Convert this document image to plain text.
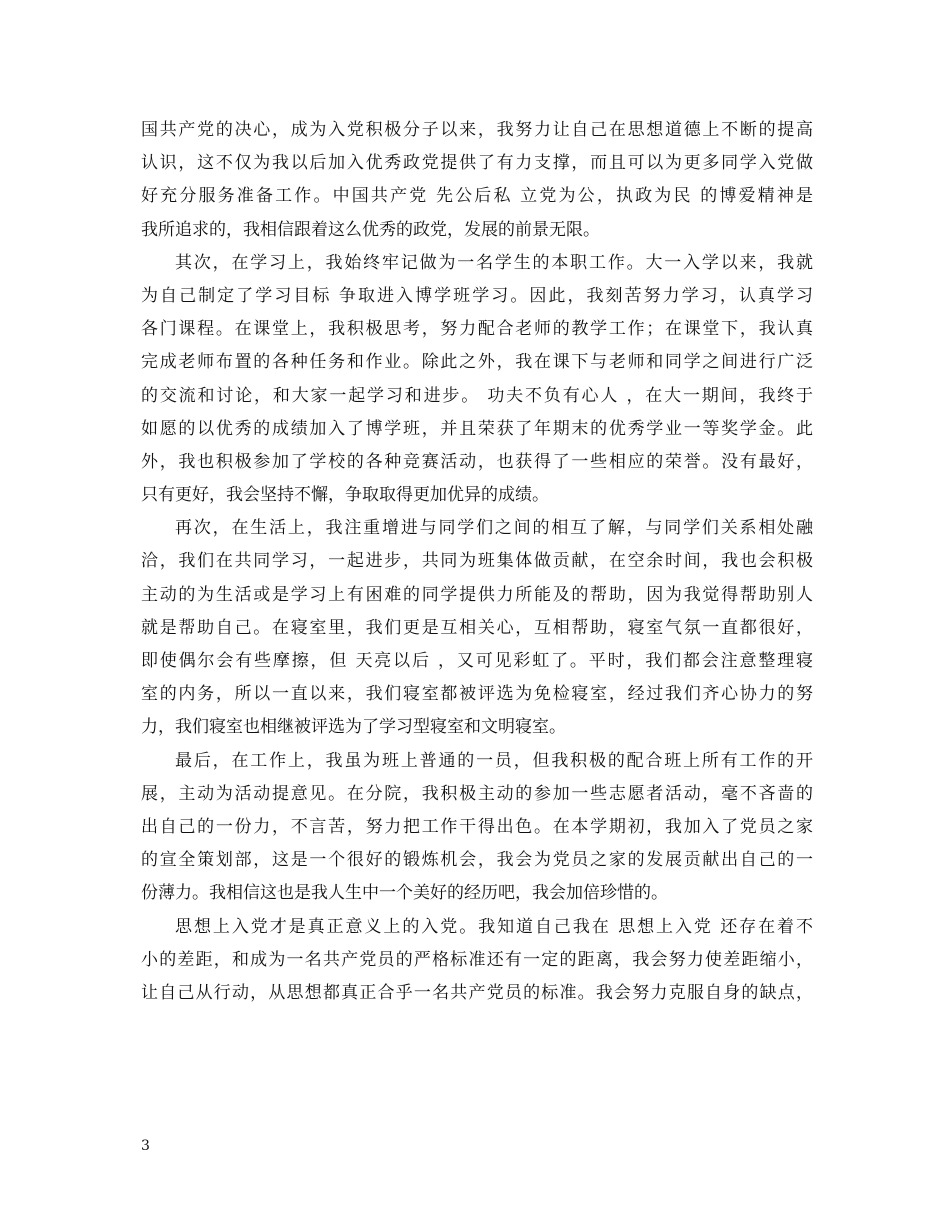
国共产党的决心，成为入党积极分子以来，我努力让自己在思想道德上不断的提高
认识，这不仅为我以后加入优秀政党提供了有力支撑，而且可以为更多同学入党做
好充分服务准备工作。中国共产党 先公后私 立党为公，执政为民 的博爱精神是
我所追求的，我相信跟着这么优秀的政党，发展的前景无限。
其次，在学习上，我始终牢记做为一名学生的本职工作。大一入学以来，我就
为自己制定了学习目标 争取进入博学班学习。因此，我刻苦努力学习，认真学习
各门课程。在课堂上，我积极思考，努力配合老师的教学工作；在课堂下，我认真
完成老师布置的各种任务和作业。除此之外，我在课下与老师和同学之间进行广泛
的交流和讨论，和大家一起学习和进步。 功夫不负有心人 ，在大一期间，我终于
如愿的以优秀的成绩加入了博学班，并且荣获了年期末的优秀学业一等奖学金。此
外，我也积极参加了学校的各种竞赛活动，也获得了一些相应的荣誉。没有最好，
只有更好，我会坚持不懈，争取取得更加优异的成绩。
再次，在生活上，我注重增进与同学们之间的相互了解，与同学们关系相处融
洽，我们在共同学习，一起进步，共同为班集体做贡献，在空余时间，我也会积极
主动的为生活或是学习上有困难的同学提供力所能及的帮助，因为我觉得帮助别人
就是帮助自己。在寝室里，我们更是互相关心，互相帮助，寝室气氛一直都很好，
即使偶尔会有些摩擦，但 天亮以后 ，又可见彩虹了。平时，我们都会注意整理寝
室的内务，所以一直以来，我们寝室都被评选为免检寝室，经过我们齐心协力的努
力，我们寝室也相继被评选为了学习型寝室和文明寝室。
最后，在工作上，我虽为班上普通的一员，但我积极的配合班上所有工作的开
展，主动为活动提意见。在分院，我积极主动的参加一些志愿者活动，毫不吝啬的
出自己的一份力，不言苦，努力把工作干得出色。在本学期初，我加入了党员之家
的宣全策划部，这是一个很好的锻炼机会，我会为党员之家的发展贡献出自己的一
份薄力。我相信这也是我人生中一个美好的经历吧，我会加倍珍惜的。
思想上入党才是真正意义上的入党。我知道自己我在 思想上入党 还存在着不
小的差距，和成为一名共产党员的严格标准还有一定的距离，我会努力使差距缩小，
让自己从行动，从思想都真正合乎一名共产党员的标准。我会努力克服自身的缺点，
3
